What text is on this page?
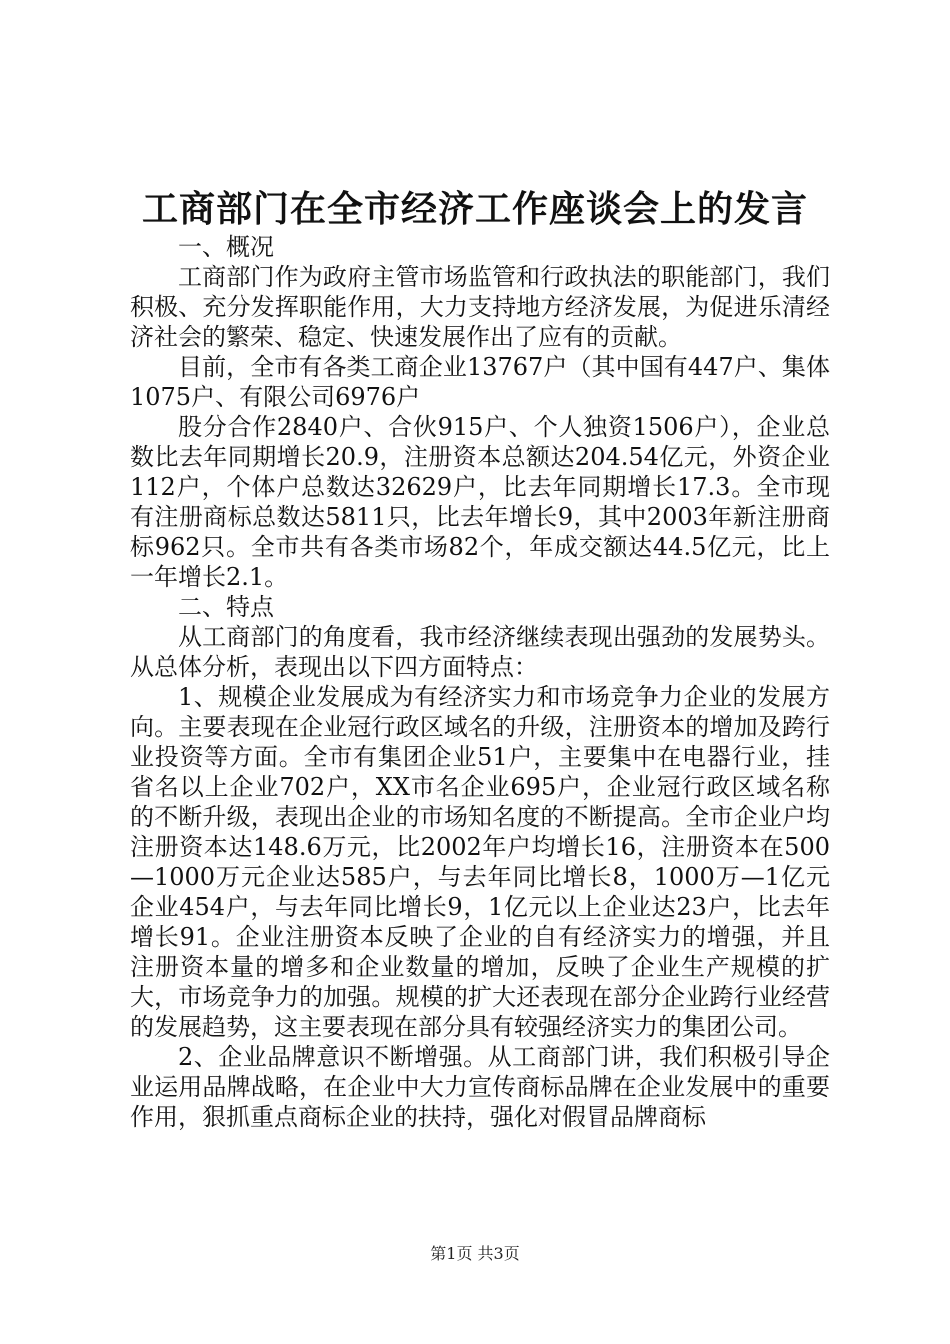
工商部门在全市经济工作座谈会上的发言

一、概况

工商部门作为政府主管市场监管和行政执法的职能部门，我们积极、充分发挥职能作用，大力支持地方经济发展，为促进乐清经济社会的繁荣、稳定、快速发展作出了应有的贡献。

目前，全市有各类工商企业13767户（其中国有447户、集体1075户、有限公司6976户

股分合作2840户、合伙915户、个人独资1506户），企业总数比去年同期增长20.9，注册资本总额达204.54亿元，外资企业112户，个体户总数达32629户，比去年同期增长17.3。全市现有注册商标总数达5811只，比去年增长9，其中2003年新注册商标962只。全市共有各类市场82个，年成交额达44.5亿元，比上一年增长2.1。

二、特点

从工商部门的角度看，我市经济继续表现出强劲的发展势头。从总体分析，表现出以下四方面特点：

1、规模企业发展成为有经济实力和市场竞争力企业的发展方向。主要表现在企业冠行政区域名的升级，注册资本的增加及跨行业投资等方面。全市有集团企业51户，主要集中在电器行业，挂省名以上企业702户，XX市名企业695户，企业冠行政区域名称的不断升级，表现出企业的市场知名度的不断提高。全市企业户均注册资本达148.6万元，比2002年户均增长16，注册资本在500—1000万元企业达585户，与去年同比增长8，1000万—1亿元企业454户，与去年同比增长9，1亿元以上企业达23户，比去年增长91。企业注册资本反映了企业的自有经济实力的增强，并且注册资本量的增多和企业数量的增加，反映了企业生产规模的扩大，市场竞争力的加强。规模的扩大还表现在部分企业跨行业经营的发展趋势，这主要表现在部分具有较强经济实力的集团公司。

2、企业品牌意识不断增强。从工商部门讲，我们积极引导企业运用品牌战略，在企业中大力宣传商标品牌在企业发展中的重要作用，狠抓重点商标企业的扶持，强化对假冒品牌商标

第1页 共3页
